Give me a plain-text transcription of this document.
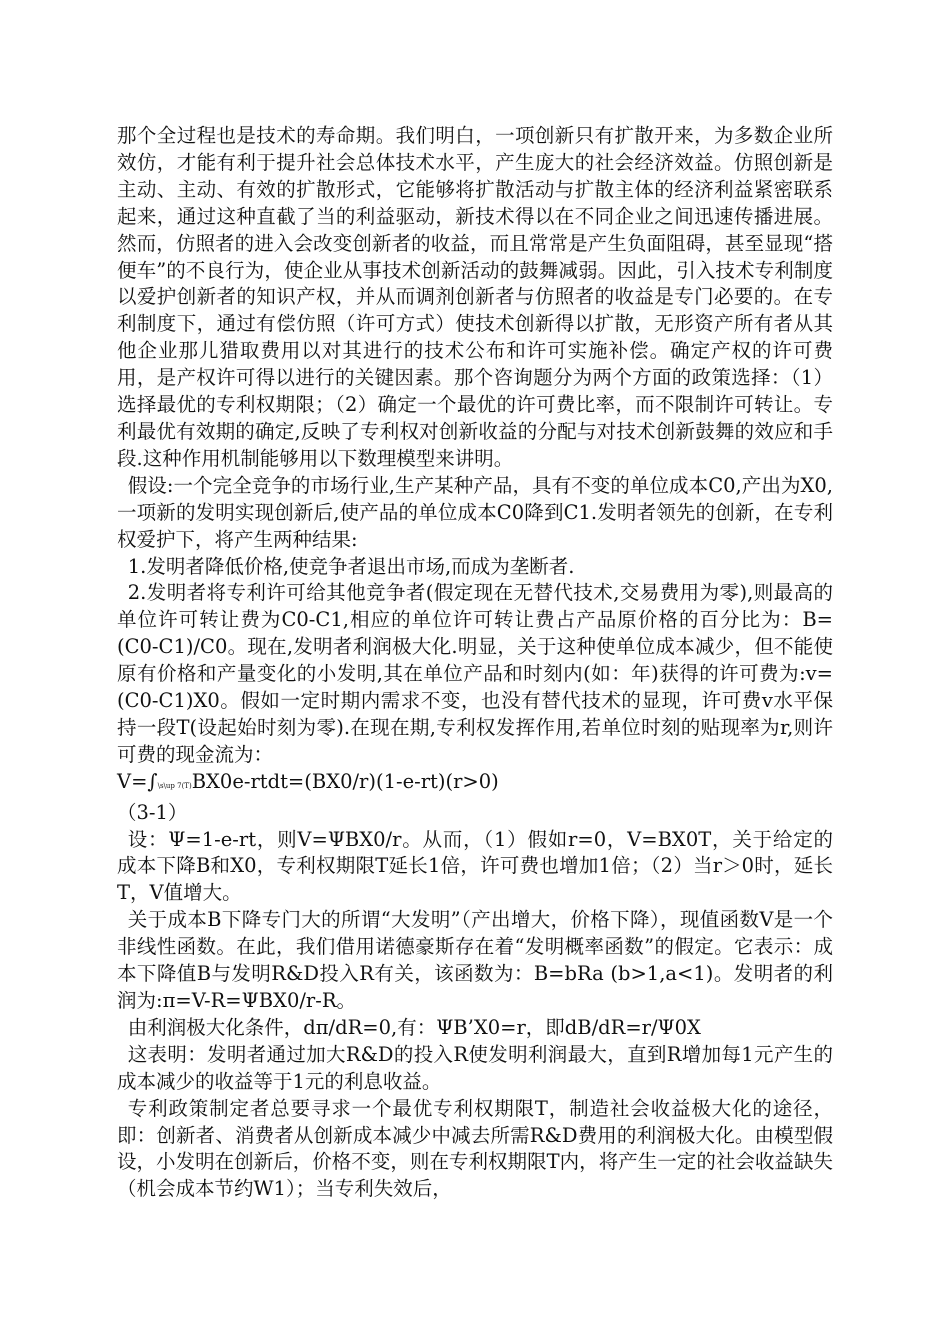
那个全过程也是技术的寿命期。我们明白，一项创新只有扩散开来，为多数企业所效仿，才能有利于提升社会总体技术水平，产生庞大的社会经济效益。仿照创新是主动、主动、有效的扩散形式，它能够将扩散活动与扩散主体的经济利益紧密联系起来，通过这种直截了当的利益驱动，新技术得以在不同企业之间迅速传播进展。然而，仿照者的进入会改变创新者的收益，而且常常是产生负面阻碍，甚至显现“搭便车”的不良行为，使企业从事技术创新活动的鼓舞减弱。因此，引入技术专利制度以爱护创新者的知识产权，并从而调剂创新者与仿照者的收益是专门必要的。在专利制度下，通过有偿仿照（许可方式）使技术创新得以扩散，无形资产所有者从其他企业那儿猎取费用以对其进行的技术公布和许可实施补偿。确定产权的许可费用，是产权许可得以进行的关键因素。那个咨询题分为两个方面的政策选择：（1）选择最优的专利权期限；（2）确定一个最优的许可费比率，而不限制许可转让。专利最优有效期的确定,反映了专利权对创新收益的分配与对技术创新鼓舞的效应和手段.这种作用机制能够用以下数理模型来讲明。

假设:一个完全竞争的市场行业,生产某种产品，具有不变的单位成本C0,产出为X0,一项新的发明实现创新后,使产品的单位成本C0降到C1.发明者领先的创新，在专利权爱护下，将产生两种结果:

1.发明者降低价格,使竞争者退出市场,而成为垄断者.

2.发明者将专利许可给其他竞争者(假定现在无替代技术,交易费用为零),则最高的单位许可转让费为C0-C1,相应的单位许可转让费占产品原价格的百分比为：B=(C0-C1)/C0。现在,发明者利润极大化.明显，关于这种使单位成本减少，但不能使原有价格和产量变化的小发明,其在单位产品和时刻内(如：年)获得的许可费为:v=(C0-C1)X0。假如一定时期内需求不变，也没有替代技术的显现，许可费v水平保持一段T(设起始时刻为零).在现在期,专利权发挥作用,若单位时刻的贴现率为r,则许可费的现金流为：

V=∫\s\up 7(T)BX0e-rtdt=(BX0/r)(1-e-rt)(r>0)

（3-1）

设：Ψ=1-e-rt，则V=ΨBX0/r。从而，（1）假如r=0，V=BX0T，关于给定的成本下降B和X0，专利权期限T延长1倍，许可费也增加1倍；（2）当r＞0时，延长T，V值增大。

关于成本B下降专门大的所谓“大发明”（产出增大，价格下降），现值函数V是一个非线性函数。在此，我们借用诺德豪斯存在着“发明概率函数”的假定。它表示：成本下降值B与发明R&D投入R有关，该函数为：B=bRa (b>1,a<1)。发明者的利润为:π=V-R=ΨBX0/r-R。

由利润极大化条件，dπ/dR=0,有：ΨB’X0=r，即dB/dR=r/Ψ0X

这表明：发明者通过加大R&D的投入R使发明利润最大，直到R增加每1元产生的成本减少的收益等于1元的利息收益。

专利政策制定者总要寻求一个最优专利权期限T，制造社会收益极大化的途径，即：创新者、消费者从创新成本减少中减去所需R&D费用的利润极大化。由模型假设，小发明在创新后，价格不变，则在专利权期限T内，将产生一定的社会收益缺失（机会成本节约W1）；当专利失效后，
